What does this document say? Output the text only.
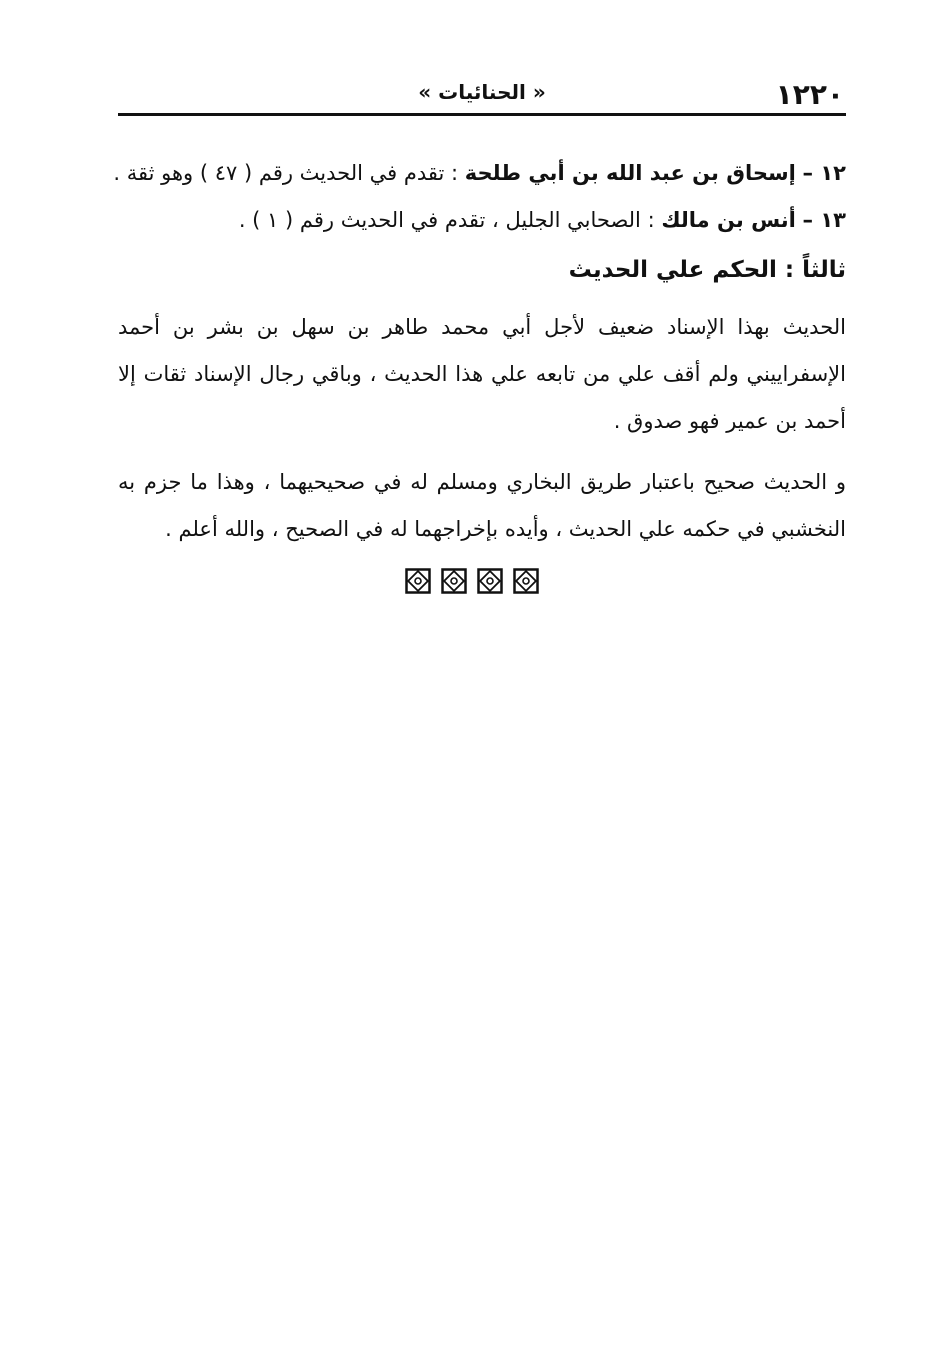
١٢٢٠
« الحنائيات »

١٢ – إسحاق بن عبد الله بن أبي طلحة : تقدم في الحديث رقم ( ٤٧ ) وهو ثقة .

١٣ – أنس بن مالك : الصحابي الجليل ، تقدم في الحديث رقم ( ١ ) .

ثالثاً : الحكم علي الحديث

الحديث بهذا الإسناد ضعيف لأجل أبي محمد طاهر بن سهل بن بشر بن أحمد الإسفراييني ولم أقف علي من تابعه علي هذا الحديث ، وباقي رجال الإسناد ثقات إلا أحمد بن عمير فهو صدوق .

و الحديث صحيح باعتبار طريق البخاري ومسلم له في صحيحيهما ، وهذا ما جزم به النخشبي في حكمه علي الحديث ، وأيده بإخراجهما له في الصحيح ، والله أعلم .
